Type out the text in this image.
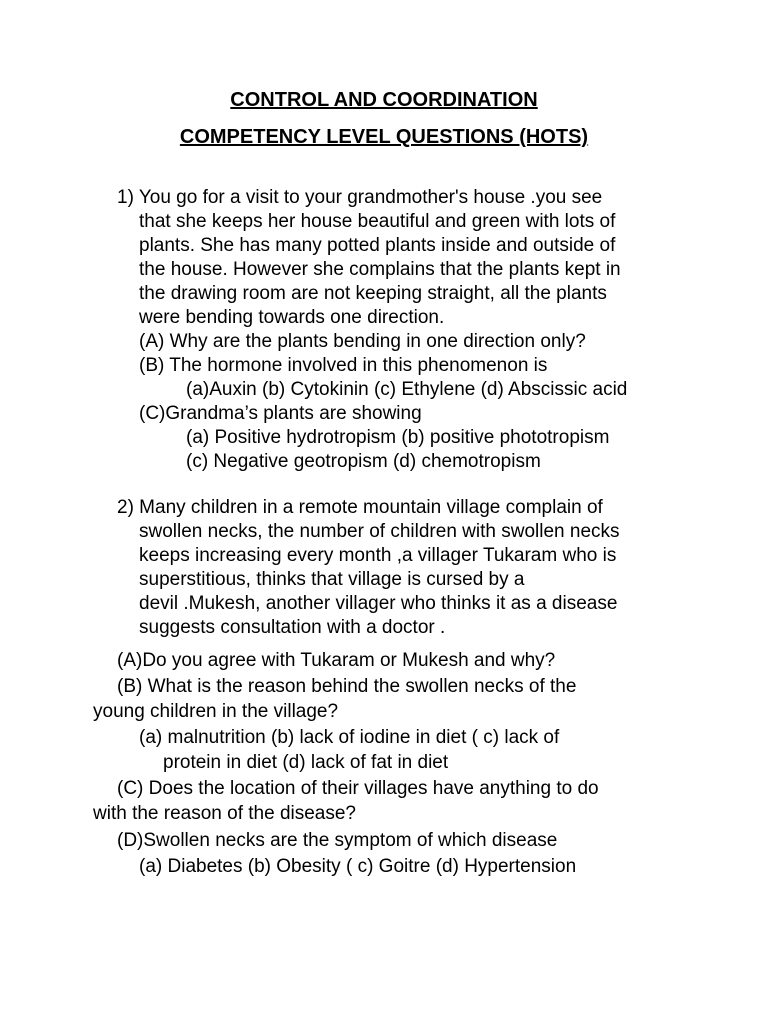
CONTROL AND COORDINATION
COMPETENCY LEVEL QUESTIONS (HOTS)

1) You go for a visit to your grandmother's house .you see

that she keeps her house beautiful and green with lots of

plants. She has many potted plants inside and outside of

the house. However she complains that the plants kept in

the drawing room are not keeping straight, all the plants

were bending towards one direction.

(A) Why are the plants bending in one direction only?

(B) The hormone involved in this phenomenon is

(a)Auxin (b) Cytokinin (c) Ethylene (d) Abscissic acid

(C)Grandma’s plants are showing

(a) Positive hydrotropism (b) positive phototropism

(c) Negative geotropism (d) chemotropism

2) Many children in a remote mountain village complain of

swollen necks, the number of children with swollen necks

keeps increasing every month ,a villager Tukaram who is

superstitious, thinks that village is cursed by a

devil .Mukesh, another villager who thinks it as a disease

suggests consultation with a doctor .

(A)Do you agree with Tukaram or Mukesh and why?

(B) What is the reason behind the swollen necks of the

young children in the village?

(a) malnutrition (b) lack of iodine in diet ( c) lack of

protein in diet (d) lack of fat in diet

(C) Does the location of their villages have anything to do

with the reason of the disease?

(D)Swollen necks are the symptom of which disease

(a) Diabetes (b) Obesity ( c) Goitre (d) Hypertension
